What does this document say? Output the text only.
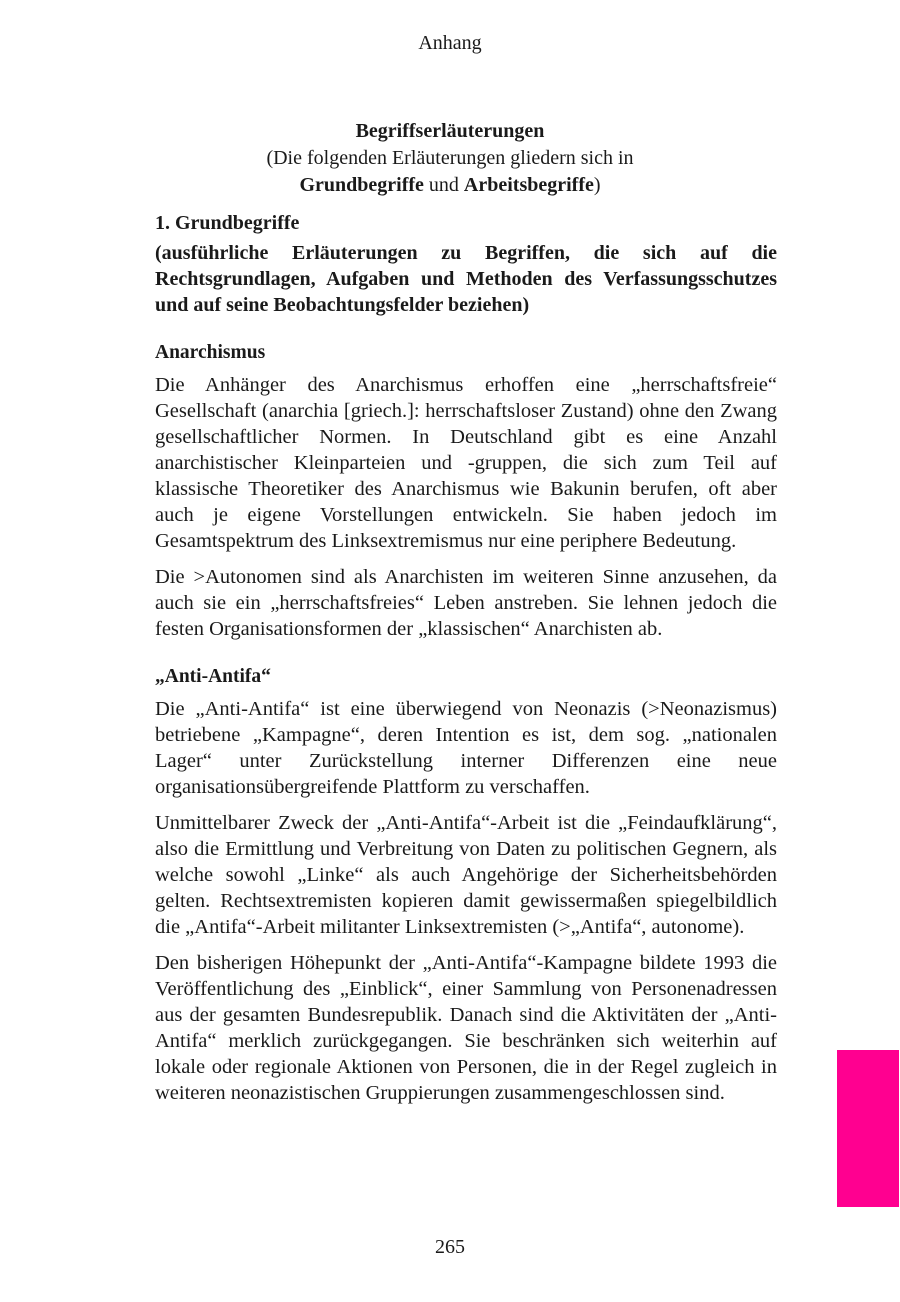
Anhang
Begriffserläuterungen
(Die folgenden Erläuterungen gliedern sich in
Grundbegriffe und Arbeitsbegriffe)
1. Grundbegriffe
(ausführliche Erläuterungen zu Begriffen, die sich auf die Rechtsgrundlagen, Aufgaben und Methoden des Verfassungsschutzes und auf seine Beobachtungsfelder beziehen)
Anarchismus

Die Anhänger des Anarchismus erhoffen eine „herrschaftsfreie“ Gesellschaft (anarchia [griech.]: herrschaftsloser Zustand) ohne den Zwang gesellschaftlicher Normen. In Deutschland gibt es eine Anzahl anarchistischer Kleinparteien und -gruppen, die sich zum Teil auf klassische Theoretiker des Anarchismus wie Bakunin berufen, oft aber auch je eigene Vorstellungen entwickeln. Sie haben jedoch im Gesamtspektrum des Linksextremismus nur eine periphere Bedeutung.

Die >Autonomen sind als Anarchisten im weiteren Sinne anzusehen, da auch sie ein „herrschaftsfreies“ Leben anstreben. Sie lehnen jedoch die festen Organisationsformen der „klassischen“ Anarchisten ab.

„Anti-Antifa“

Die „Anti-Antifa“ ist eine überwiegend von Neonazis (>Neonazismus) betriebene „Kampagne“, deren Intention es ist, dem sog. „nationalen Lager“ unter Zurückstellung interner Differenzen eine neue organisationsübergreifende Plattform zu verschaffen.

Unmittelbarer Zweck der „Anti-Antifa“-Arbeit ist die „Feindaufklärung“, also die Ermittlung und Verbreitung von Daten zu politischen Gegnern, als welche sowohl „Linke“ als auch Angehörige der Sicherheitsbehörden gelten. Rechtsextremisten kopieren damit gewissermaßen spiegelbildlich die „Antifa“-Arbeit militanter Linksextremisten (>„Antifa“, autonome).

Den bisherigen Höhepunkt der „Anti-Antifa“-Kampagne bildete 1993 die Veröffentlichung des „Einblick“, einer Sammlung von Personenadressen aus der gesamten Bundesrepublik. Danach sind die Aktivitäten der „Anti-Antifa“ merklich zurückgegangen. Sie beschränken sich weiterhin auf lokale oder regionale Aktionen von Personen, die in der Regel zugleich in weiteren neonazistischen Gruppierungen zusammengeschlossen sind.

265
